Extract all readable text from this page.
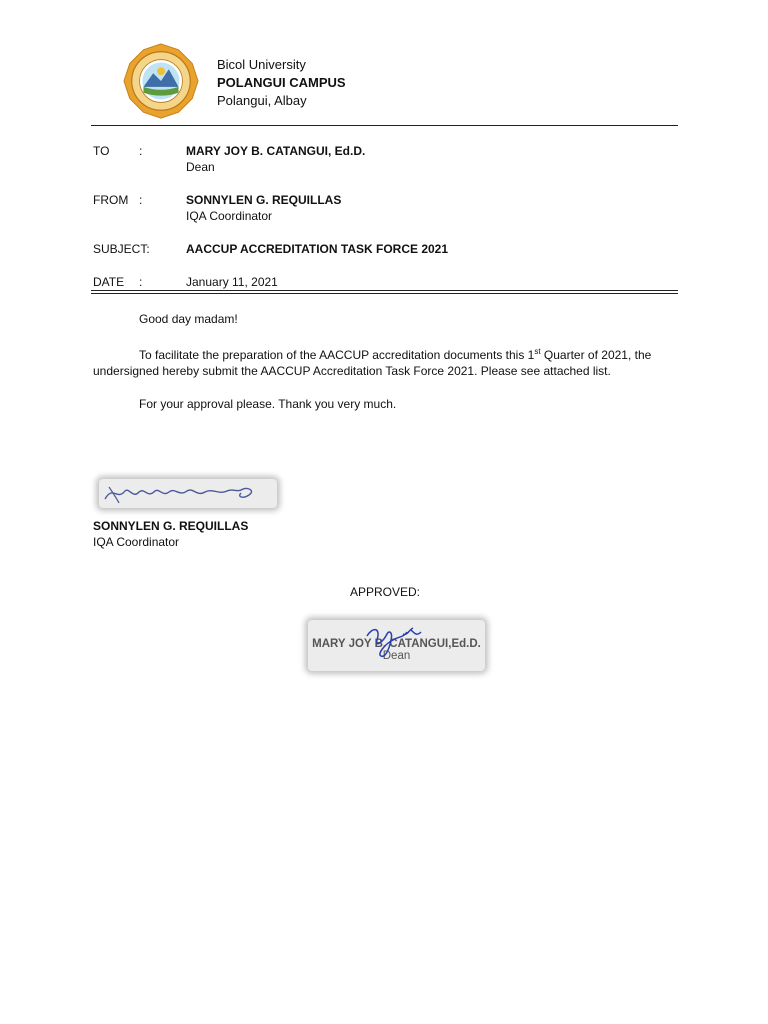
Bicol University
POLANGUI CAMPUS
Polangui, Albay
TO :	MARY JOY B. CATANGUI, Ed.D.
Dean
FROM :	SONNYLEN G. REQUILLAS
IQA Coordinator
SUBJECT:	AACCUP ACCREDITATION TASK FORCE 2021
DATE :	January 11, 2021

Good day madam!

To facilitate the preparation of the AACCUP accreditation documents this 1st Quarter of 2021, the undersigned hereby submit the AACCUP Accreditation Task Force 2021. Please see attached list.

For your approval please. Thank you very much.

SONNYLEN G. REQUILLAS
IQA Coordinator
APPROVED:
MARY JOY B. CATANGUI,Ed.D.
Dean
